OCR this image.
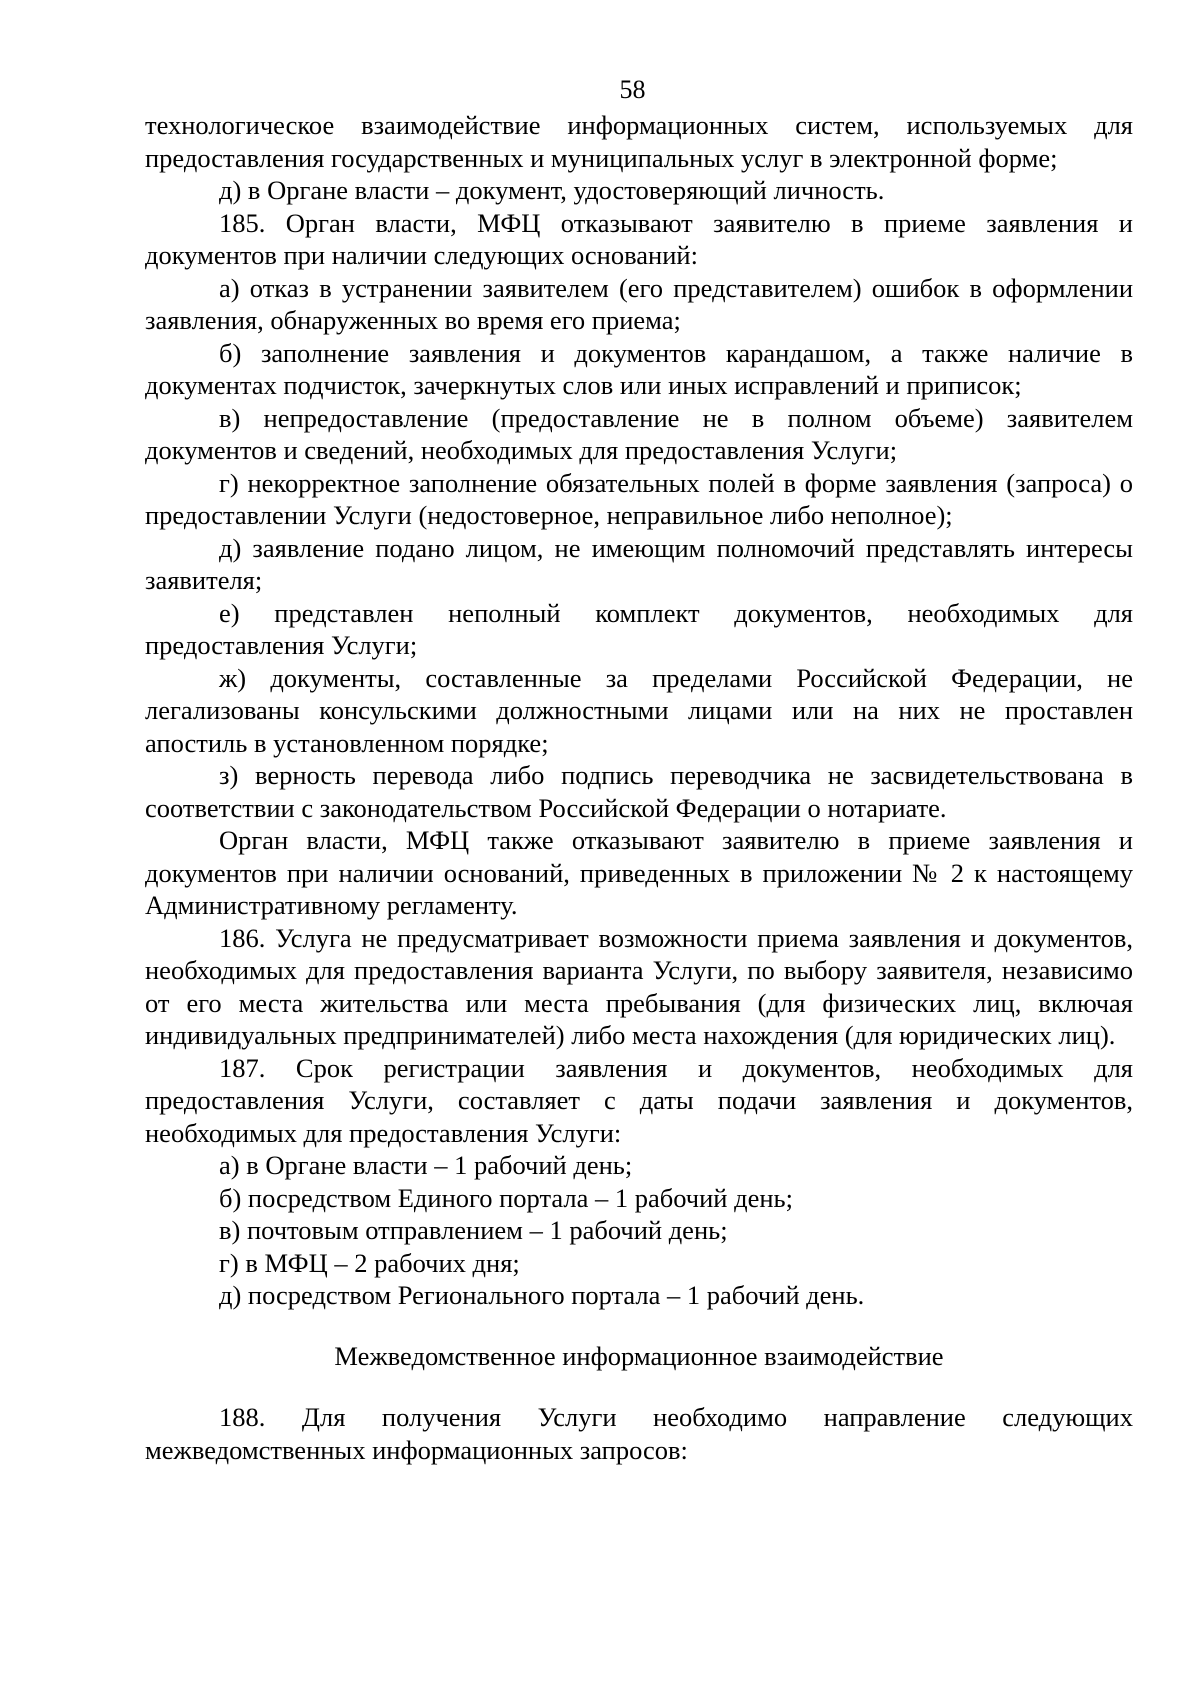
58

технологическое взаимодействие информационных систем, используемых для предоставления государственных и муниципальных услуг в электронной форме;

д) в Органе власти – документ, удостоверяющий личность.

185. Орган власти, МФЦ отказывают заявителю в приеме заявления и документов при наличии следующих оснований:

а) отказ в устранении заявителем (его представителем) ошибок в оформлении заявления, обнаруженных во время его приема;

б) заполнение заявления и документов карандашом, а также наличие в документах подчисток, зачеркнутых слов или иных исправлений и приписок;

в) непредоставление (предоставление не в полном объеме) заявителем документов и сведений, необходимых для предоставления Услуги;

г) некорректное заполнение обязательных полей в форме заявления (запроса) о предоставлении Услуги (недостоверное, неправильное либо неполное);

д) заявление подано лицом, не имеющим полномочий представлять интересы заявителя;

е) представлен неполный комплект документов, необходимых для предоставления Услуги;

ж) документы, составленные за пределами Российской Федерации, не легализованы консульскими должностными лицами или на них не проставлен апостиль в установленном порядке;

з) верность перевода либо подпись переводчика не засвидетельствована в соответствии с законодательством Российской Федерации о нотариате.

Орган власти, МФЦ также отказывают заявителю в приеме заявления и документов при наличии оснований, приведенных в приложении № 2 к настоящему Административному регламенту.

186. Услуга не предусматривает возможности приема заявления и документов, необходимых для предоставления варианта Услуги, по выбору заявителя, независимо от его места жительства или места пребывания (для физических лиц, включая индивидуальных предпринимателей) либо места нахождения (для юридических лиц).

187. Срок регистрации заявления и документов, необходимых для предоставления Услуги, составляет с даты подачи заявления и документов, необходимых для предоставления Услуги:

а) в Органе власти – 1 рабочий день;

б) посредством Единого портала – 1 рабочий день;

в) почтовым отправлением – 1 рабочий день;

г) в МФЦ – 2 рабочих дня;

д) посредством Регионального портала – 1 рабочий день.

Межведомственное информационное взаимодействие

188. Для получения Услуги необходимо направление следующих межведомственных информационных запросов:
